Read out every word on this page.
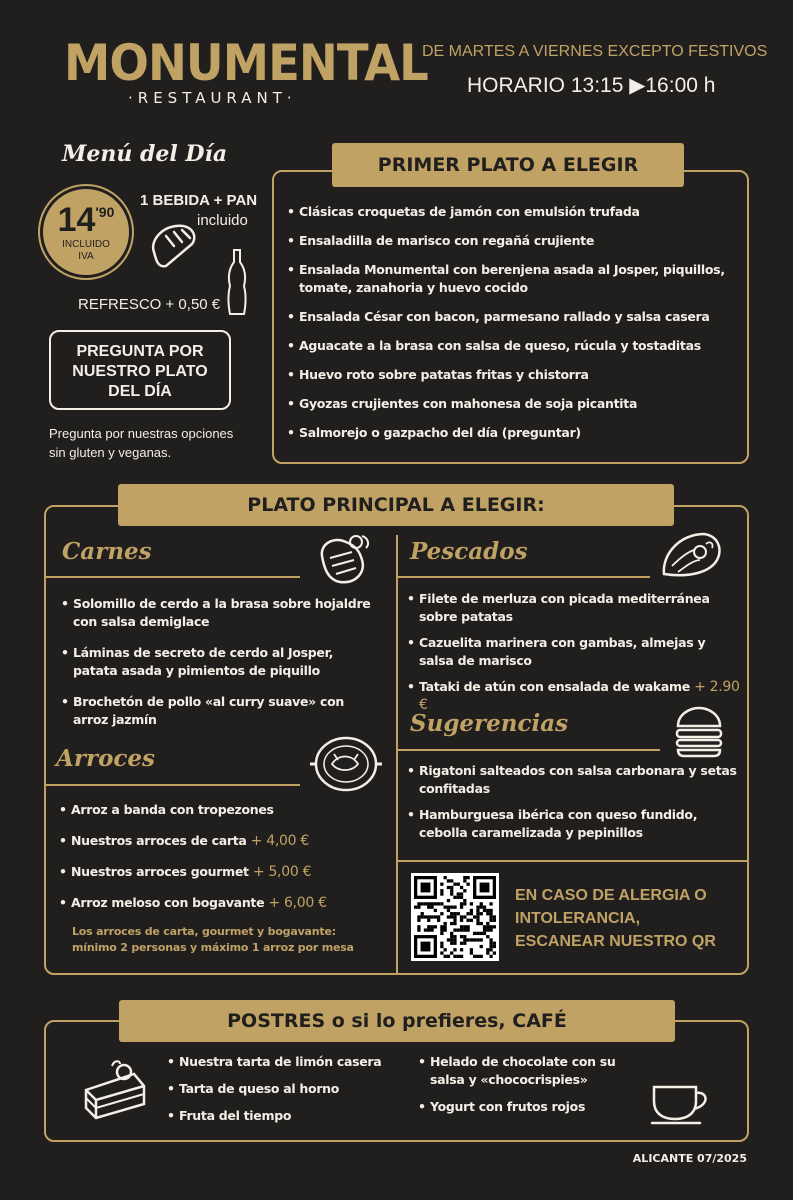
MONUMENTAL
·RESTAURANT·
DE MARTES A VIERNES EXCEPTO FESTIVOS
HORARIO 13:15 ▶16:00 h
Menú del Día
$14^{'90}$
INCLUIDO IVA
1 BEBIDA + PAN
incluido
REFRESCO + 0,50 €
PREGUNTA POR NUESTRO PLATO DEL DÍA
Pregunta por nuestras opciones sin gluten y veganas.
PRIMER PLATO A ELEGIR
• Clásicas croquetas de jamón con emulsión trufada
• Ensaladilla de marisco con regañá crujiente
• Ensalada Monumental con berenjena asada al Josper, piquillos, tomate, zanahoria y huevo cocido
• Ensalada César con bacon, parmesano rallado y salsa casera
• Aguacate a la brasa con salsa de queso, rúcula y tostaditas
• Huevo roto sobre patatas fritas y chistorra
• Gyozas crujientes con mahonesa de soja picantita
• Salmorejo o gazpacho del día (preguntar)
PLATO PRINCIPAL A ELEGIR:
Carnes
• Solomillo de cerdo a la brasa sobre hojaldre con salsa demiglace
• Láminas de secreto de cerdo al Josper, patata asada y pimientos de piquillo
• Brochetón de pollo «al curry suave» con arroz jazmín
Arroces
• Arroz a banda con tropezones
• Nuestros arroces de carta + 4,00 €
• Nuestros arroces gourmet + 5,00 €
• Arroz meloso con bogavante + 6,00 €
Los arroces de carta, gourmet y bogavante: mínimo 2 personas y máximo 1 arroz por mesa
Pescados
• Filete de merluza con picada mediterránea sobre patatas
• Cazuelita marinera con gambas, almejas y salsa de marisco
• Tataki de atún con ensalada de wakame + 2.90 €
Sugerencias
• Rigatoni salteados con salsa carbonara y setas confitadas
• Hamburguesa ibérica con queso fundido, cebolla caramelizada y pepinillos
EN CASO DE ALERGIA O INTOLERANCIA, ESCANEAR NUESTRO QR
POSTRES o si lo prefieres, CAFÉ
• Nuestra tarta de limón casera
• Tarta de queso al horno
• Fruta del tiempo
• Helado de chocolate con su salsa y «chococrispies»
• Yogurt con frutos rojos
ALICANTE 07/2025
